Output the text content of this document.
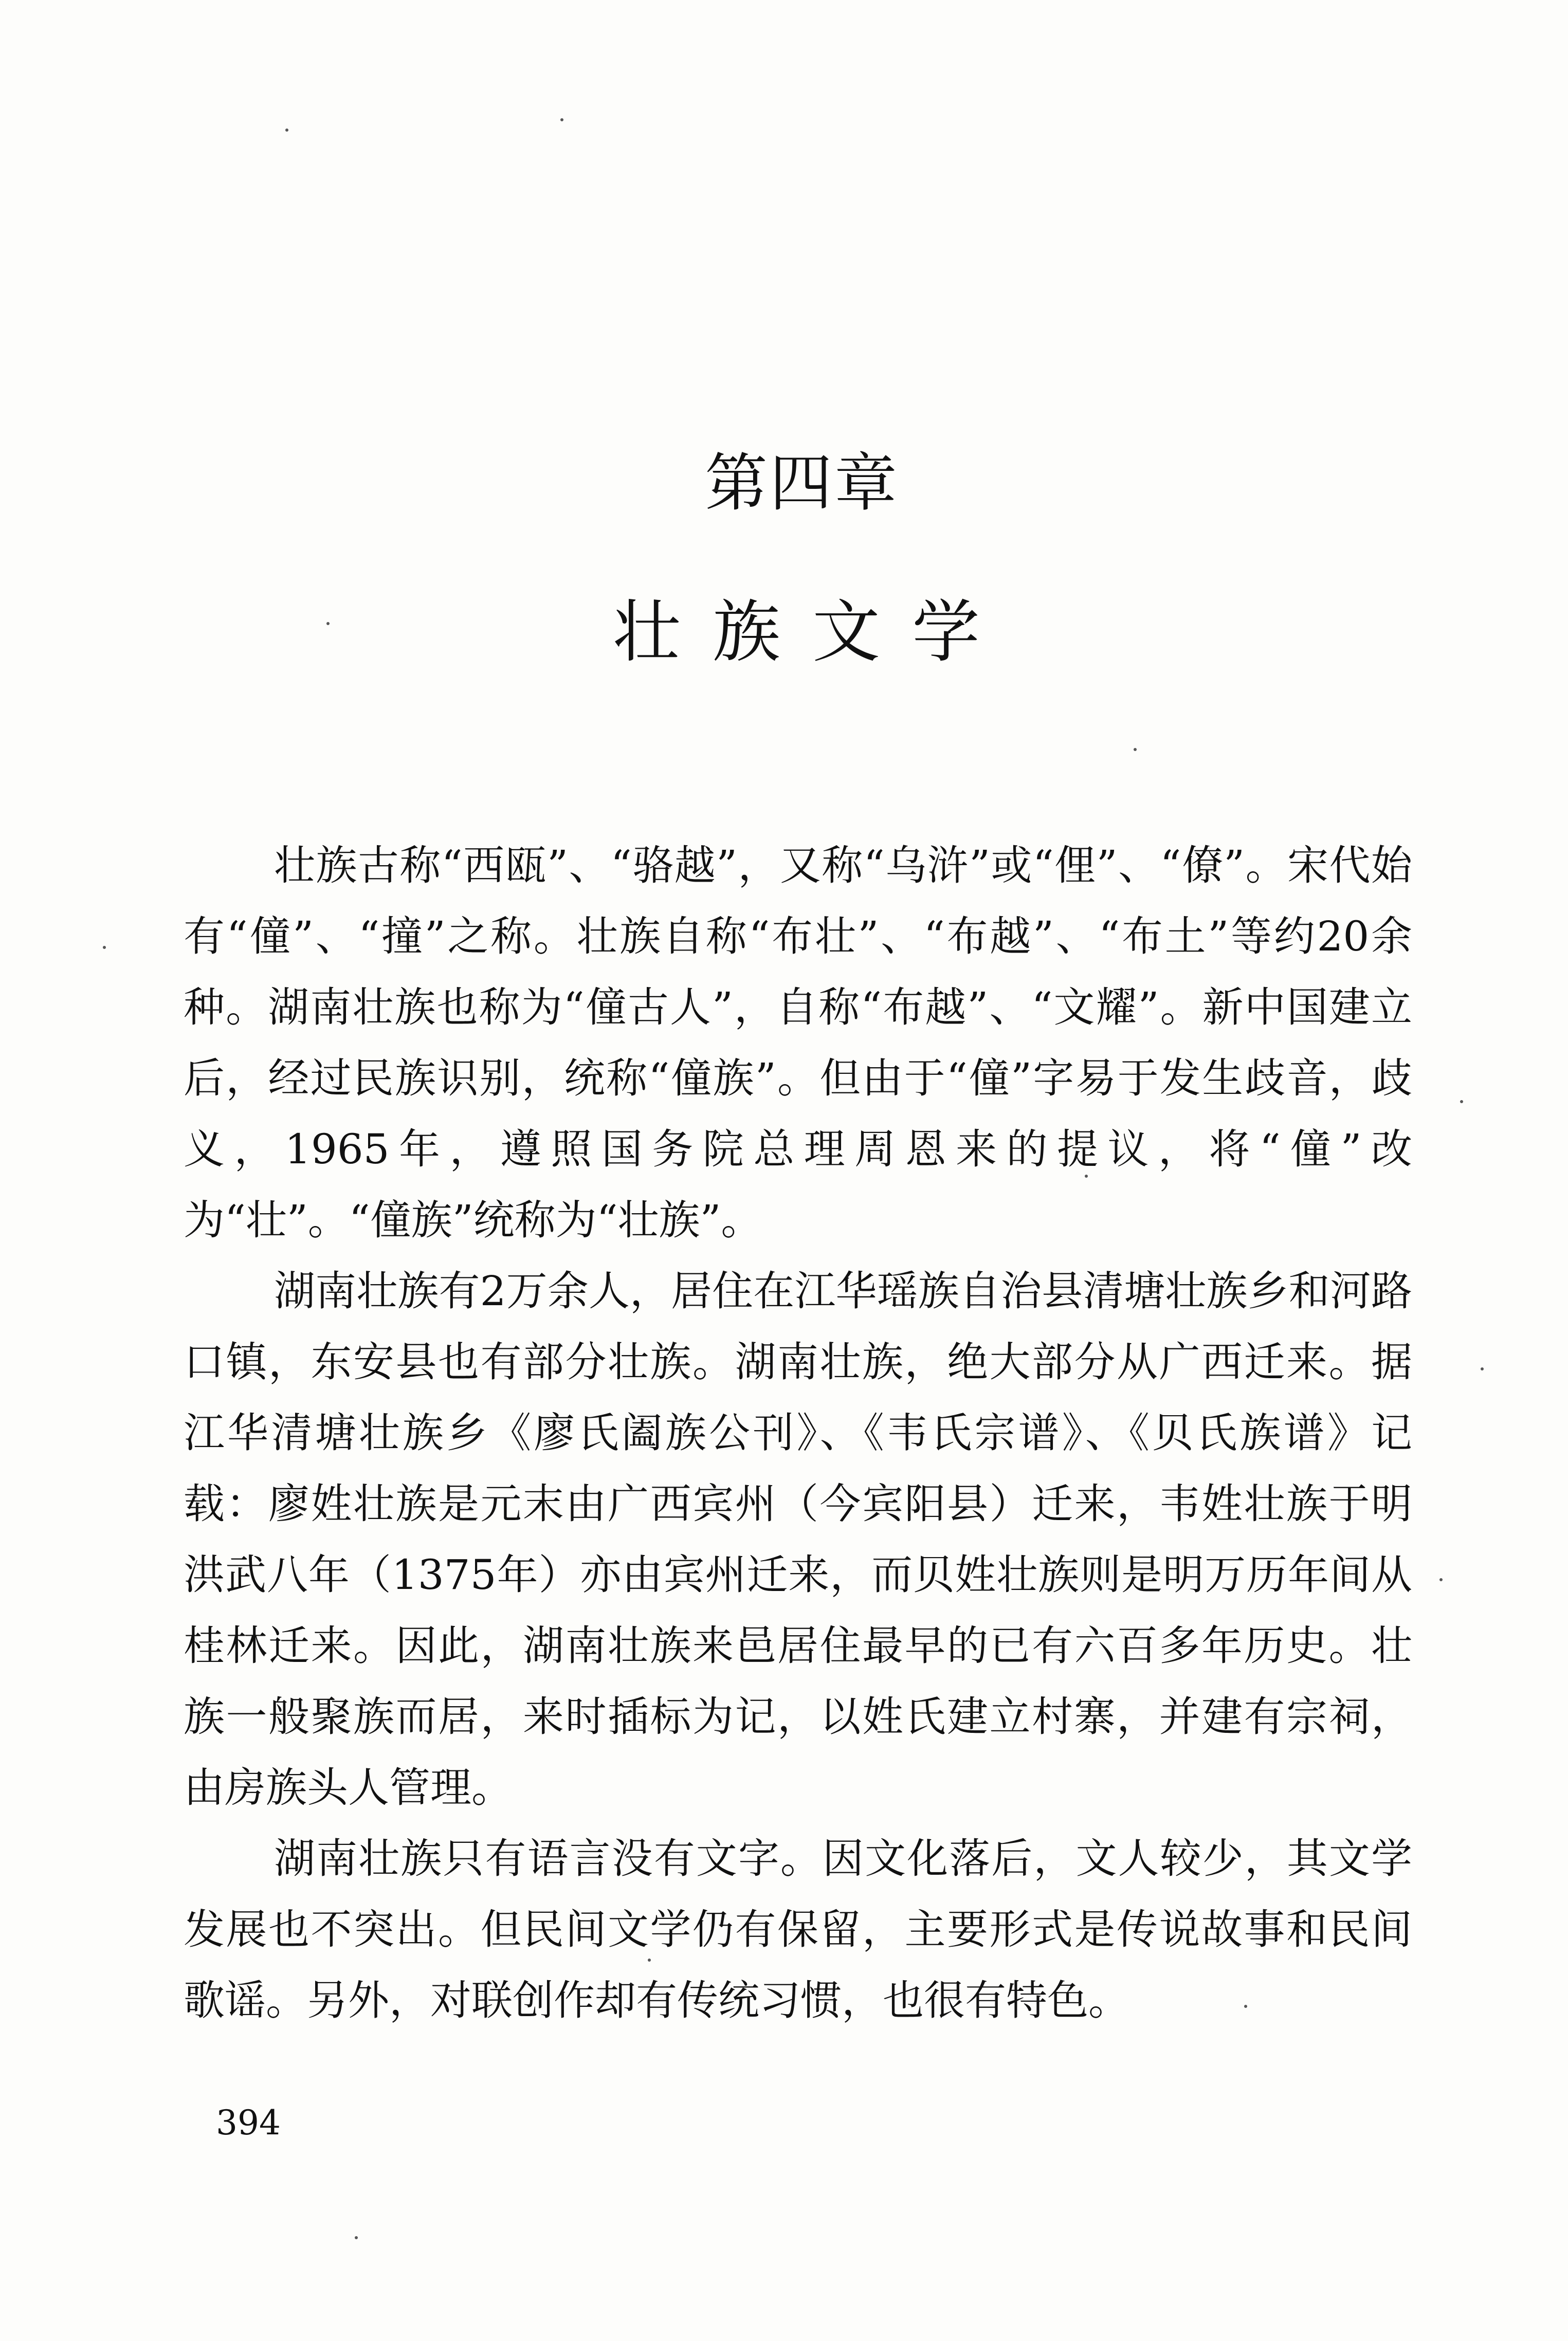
第四章
壮族文学

壮族古称“西瓯”、“骆越”，又称“乌浒”或“俚”、“僚”。宋代始有“僮”、“撞”之称。壮族自称“布壮”、“布越”、“布土”等约20余种。湖南壮族也称为“僮古人”，自称“布越”、“文耀”。新中国建立后，经过民族识别，统称“僮族”。但由于“僮”字易于发生歧音，歧义，1965年，遵照国务院总理周恩来的提议，将“僮”改为“壮”。“僮族”统称为“壮族”。

湖南壮族有2万余人，居住在江华瑶族自治县清塘壮族乡和河路口镇，东安县也有部分壮族。湖南壮族，绝大部分从广西迁来。据江华清塘壮族乡《廖氏阖族公刊》、《韦氏宗谱》、《贝氏族谱》记载：廖姓壮族是元末由广西宾州（今宾阳县）迁来，韦姓壮族于明洪武八年（1375年）亦由宾州迁来，而贝姓壮族则是明万历年间从桂林迁来。因此，湖南壮族来邑居住最早的已有六百多年历史。壮族一般聚族而居，来时插标为记，以姓氏建立村寨，并建有宗祠，由房族头人管理。

湖南壮族只有语言没有文字。因文化落后，文人较少，其文学发展也不突出。但民间文学仍有保留，主要形式是传说故事和民间歌谣。另外，对联创作却有传统习惯，也很有特色。

394
